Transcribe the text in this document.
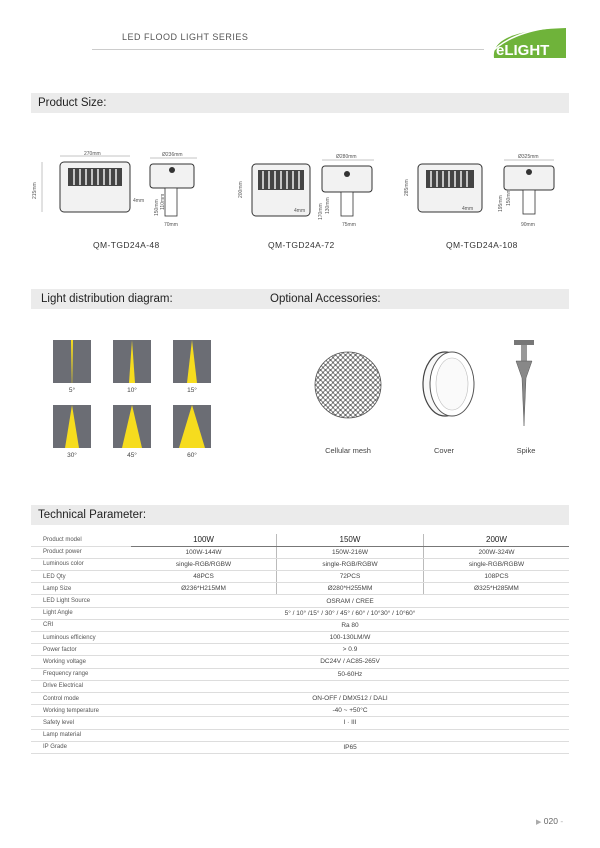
LED FLOOD LIGHT SERIES
eLIGHT
Product Size:
270mm
215mm
4mm
Ø236mm
150mm 110mm
70mm
QM-TGD24A-48
200mm
4mm
Ø280mm
170mm 130mm
75mm
QM-TGD24A-72
285mm
4mm
Ø325mm
195mm 150mm
90mm
QM-TGD24A-108
Light distribution diagram:	Optional Accessories:
5°	10°	15°
30°	45°	60°
Cellular mesh	Cover	Spike
Technical Parameter:
Product model	100W	150W	200W
Product power	100W-144W	150W-216W	200W-324W
Luminous color	single-RGB/RGBW	single-RGB/RGBW	single-RGB/RGBW
LED Qty	48PCS	72PCS	108PCS
Lamp Size	Ø236*H215MM	Ø280*H255MM	Ø325*H285MM
LED Light Source	OSRAM / CREE		
Light Angle	5° / 10° /15° / 30° / 45° / 60° / 10°30° / 10°60°		
CRI	Ra 80		
Luminous efficiency	100-130LM/W		
Power factor	> 0.9		
Working voltage	DC24V / AC85-265V		
Frequency range	50-60Hz		
Drive Electrical			
Control mode	ON-OFF / DMX512 / DALI		
Working temperature	-40 ~ +50°C		
Safety level	I · III		
Lamp material			
IP Grade	IP65		
▶ 020 -
